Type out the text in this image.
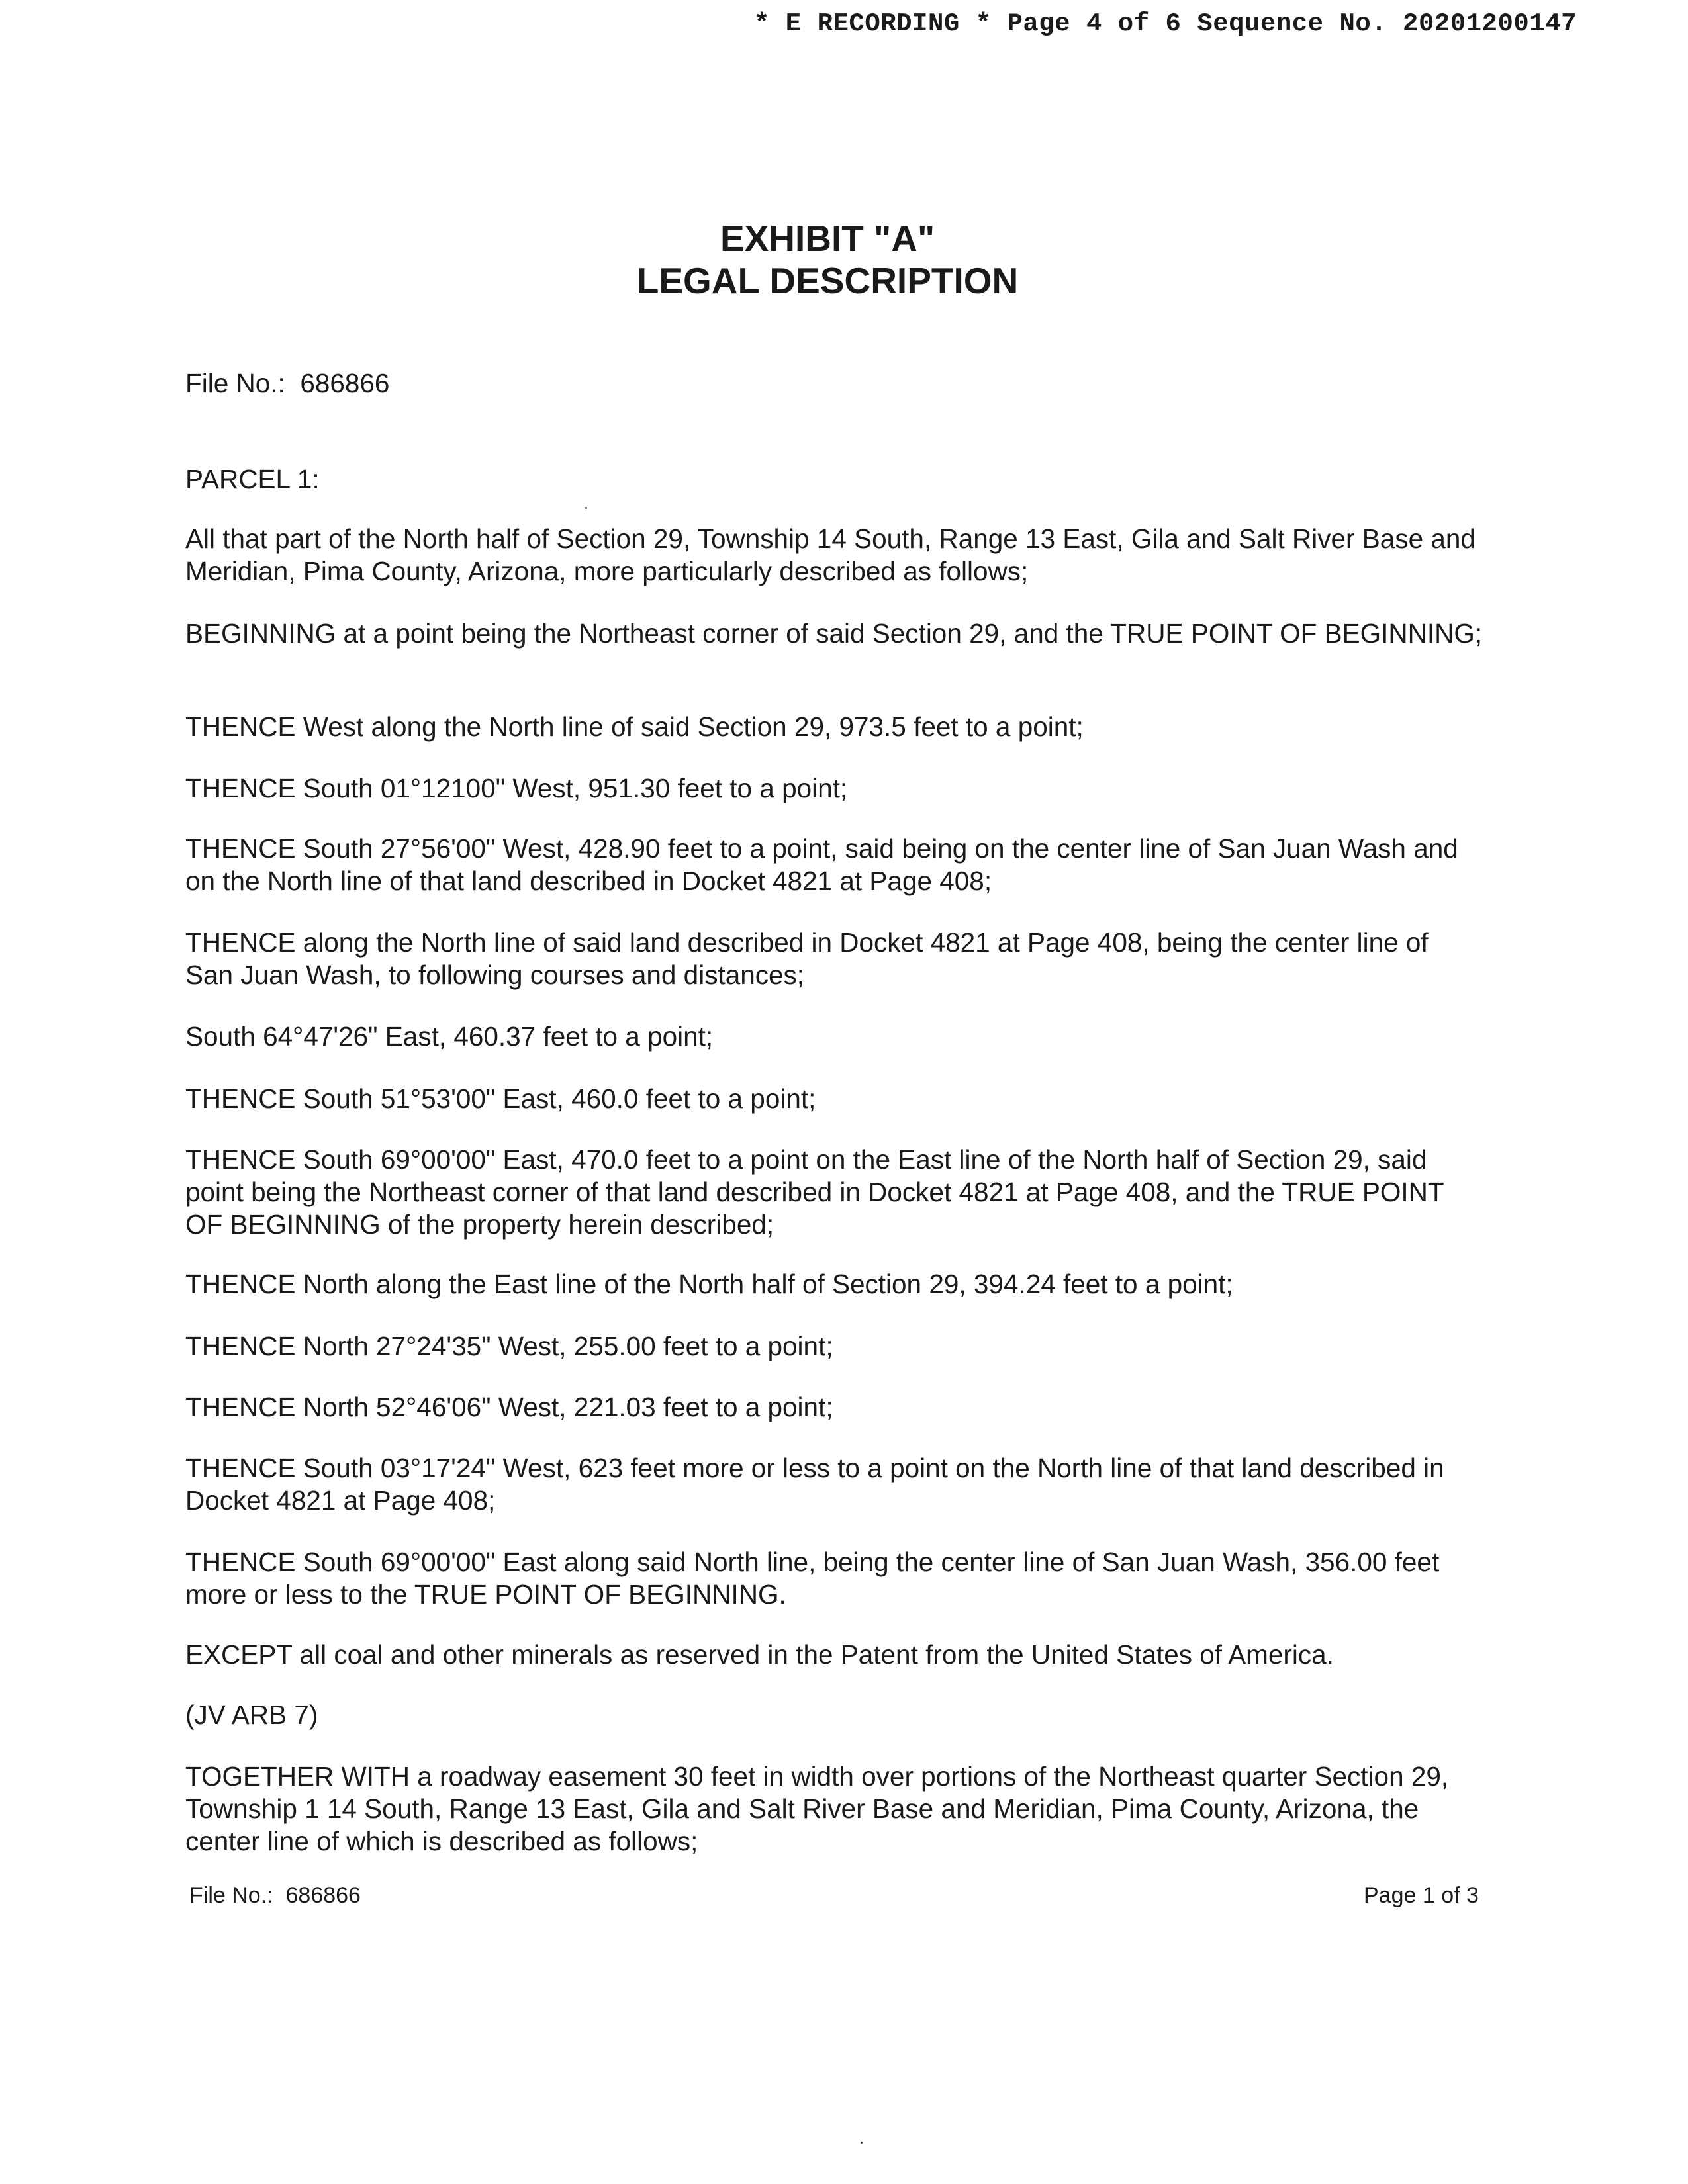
* E RECORDING * Page 4 of 6 Sequence No. 20201200147
EXHIBIT "A"
LEGAL DESCRIPTION

File No.: 686866

PARCEL 1:

All that part of the North half of Section 29, Township 14 South, Range 13 East, Gila and Salt River Base and Meridian, Pima County, Arizona, more particularly described as follows;

BEGINNING at a point being the Northeast corner of said Section 29, and the TRUE POINT OF BEGINNING;

THENCE West along the North line of said Section 29, 973.5 feet to a point;

THENCE South 01°12100" West, 951.30 feet to a point;

THENCE South 27°56'00" West, 428.90 feet to a point, said being on the center line of San Juan Wash and on the North line of that land described in Docket 4821 at Page 408;

THENCE along the North line of said land described in Docket 4821 at Page 408, being the center line of San Juan Wash, to following courses and distances;

South 64°47'26" East, 460.37 feet to a point;

THENCE South 51°53'00" East, 460.0 feet to a point;

THENCE South 69°00'00" East, 470.0 feet to a point on the East line of the North half of Section 29, said point being the Northeast corner of that land described in Docket 4821 at Page 408, and the TRUE POINT OF BEGINNING of the property herein described;

THENCE North along the East line of the North half of Section 29, 394.24 feet to a point;

THENCE North 27°24'35" West, 255.00 feet to a point;

THENCE North 52°46'06" West, 221.03 feet to a point;

THENCE South 03°17'24" West, 623 feet more or less to a point on the North line of that land described in Docket 4821 at Page 408;

THENCE South 69°00'00" East along said North line, being the center line of San Juan Wash, 356.00 feet more or less to the TRUE POINT OF BEGINNING.

EXCEPT all coal and other minerals as reserved in the Patent from the United States of America.

(JV ARB 7)

TOGETHER WITH a roadway easement 30 feet in width over portions of the Northeast quarter Section 29, Township 1 14 South, Range 13 East, Gila and Salt River Base and Meridian, Pima County, Arizona, the center line of which is described as follows;

File No.: 686866	Page 1 of 3
